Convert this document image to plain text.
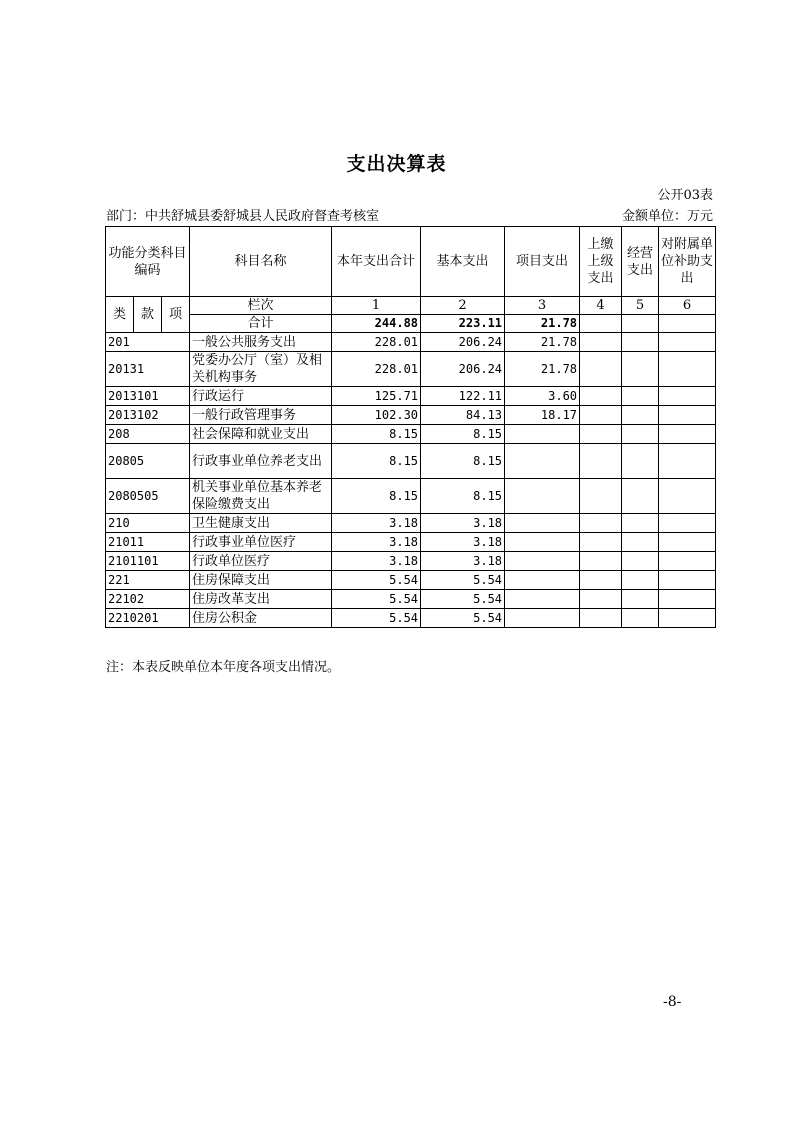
支出决算表
公开03表
部门：中共舒城县委舒城县人民政府督查考核室	金额单位：万元
功能分类科目编码			科目名称	本年支出合计	基本支出	项目支出	上缴上级支出	经营支出	对附属单位补助支出
类	款	项	栏次	1	2	3	4	5	6
			合计	244.88	223.11	21.78			
201			一般公共服务支出	228.01	206.24	21.78			
20131			党委办公厅（室）及相关机构事务	228.01	206.24	21.78			
2013101			行政运行	125.71	122.11	3.60			
2013102			一般行政管理事务	102.30	84.13	18.17			
208			社会保障和就业支出	8.15	8.15				
20805			行政事业单位养老支出	8.15	8.15				
2080505			机关事业单位基本养老保险缴费支出	8.15	8.15				
210			卫生健康支出	3.18	3.18				
21011			行政事业单位医疗	3.18	3.18				
2101101			行政单位医疗	3.18	3.18				
221			住房保障支出	5.54	5.54				
22102			住房改革支出	5.54	5.54				
2210201			住房公积金	5.54	5.54				
注：本表反映单位本年度各项支出情况。
-8-
